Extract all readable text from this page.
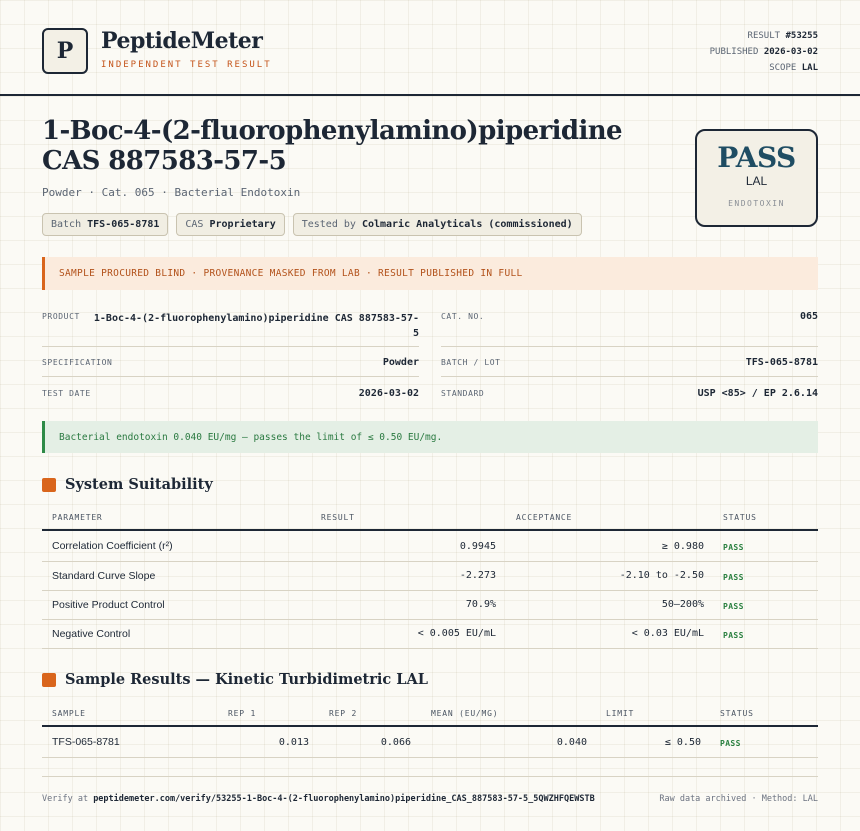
P	PeptideMeter
INDEPENDENT TEST RESULT
RESULT #53255
PUBLISHED 2026-03-02
SCOPE LAL
1-Boc-4-(2-fluorophenylamino)piperidine CAS 887583-57-5
Powder · Cat. 065 · Bacterial Endotoxin
Batch TFS-065-8781	CAS Proprietary	Tested by Colmaric Analyticals (commissioned)
PASS
LAL
ENDOTOXIN
SAMPLE PROCURED BLIND · PROVENANCE MASKED FROM LAB · RESULT PUBLISHED IN FULL
PRODUCT 1-Boc-4-(2-fluorophenylamino)piperidine CAS 887583-57-5
CAT. NO.	065
SPECIFICATION	Powder	BATCH / LOT	TFS-065-8781
TEST DATE	2026-03-02	STANDARD	USP <85> / EP 2.6.14
Bacterial endotoxin 0.040 EU/mg — passes the limit of ≤ 0.50 EU/mg.
System Suitability
PARAMETER	RESULT	ACCEPTANCE	STATUS
Correlation Coefficient (r²)	0.9945	≥ 0.980 PASS
Standard Curve Slope	-2.273	-2.10 to -2.50 PASS
Positive Product Control	70.9%	50–200% PASS
Negative Control	< 0.005 EU/mL	< 0.03 EU/mL PASS
Sample Results — Kinetic Turbidimetric LAL
SAMPLE	REP 1	REP 2	MEAN (EU/MG)	LIMIT	STATUS
TFS-065-8781	0.013	0.066	0.040	≤ 0.50 PASS
Verify at peptidemeter.com/verify/53255-1-Boc-4-(2-fluorophenylamino)piperidine_CAS_887583-57-5_5QWZHFQEWSTB	Raw data archived · Method: LAL
